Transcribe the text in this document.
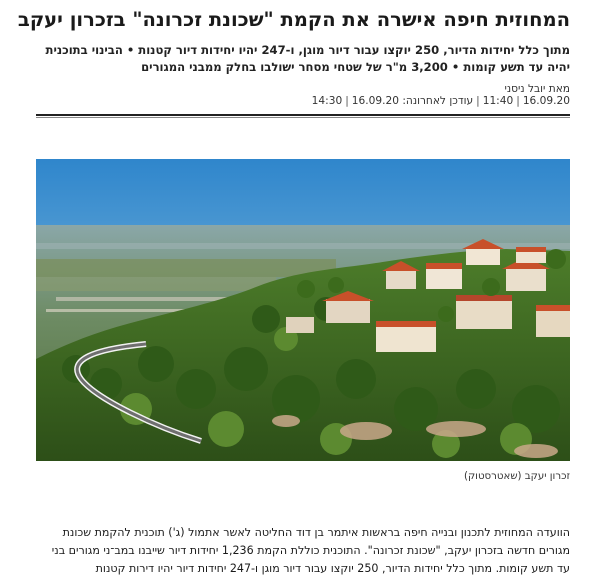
המחוזית חיפה אישרה את הקמת "שכונת זכרונה" בזכרון יעקב

מתוך כלל יחידות הדיור, 250 יוקצו עבור דיור מוגן, ו-247 יהיו יחידות דיור קטנות • הבינוי בתוכנית יהיה עד תשע קומות • 3,200 מ"ר של שטחי מסחר ישולבו בחלק ממבני המגורים

מאת יובל ניסני
16.09.20|11:40|עודכן לאחרונה: 16.09.20|14:30
זכרון יעקב (שאטרסטוק)

הוועדה המחוזית לתכנון ובנייה חיפה בראשות איתמר בן דוד החליטה לאשר אתמול (ג') תוכנית להקמת שכונת מגורים חדשה בזכרון יעקב, "שכונת זכרונה". התוכנית כוללת הקמת 1,236 יחידות דיור שייבנו במב־ני מגורים בני עד תשע קומות. מתוך כלל יחידות הדיור, 250 יוקצו עבור דיור מוגן ו-247 יחידות דיור יהיו דירות קטנות
